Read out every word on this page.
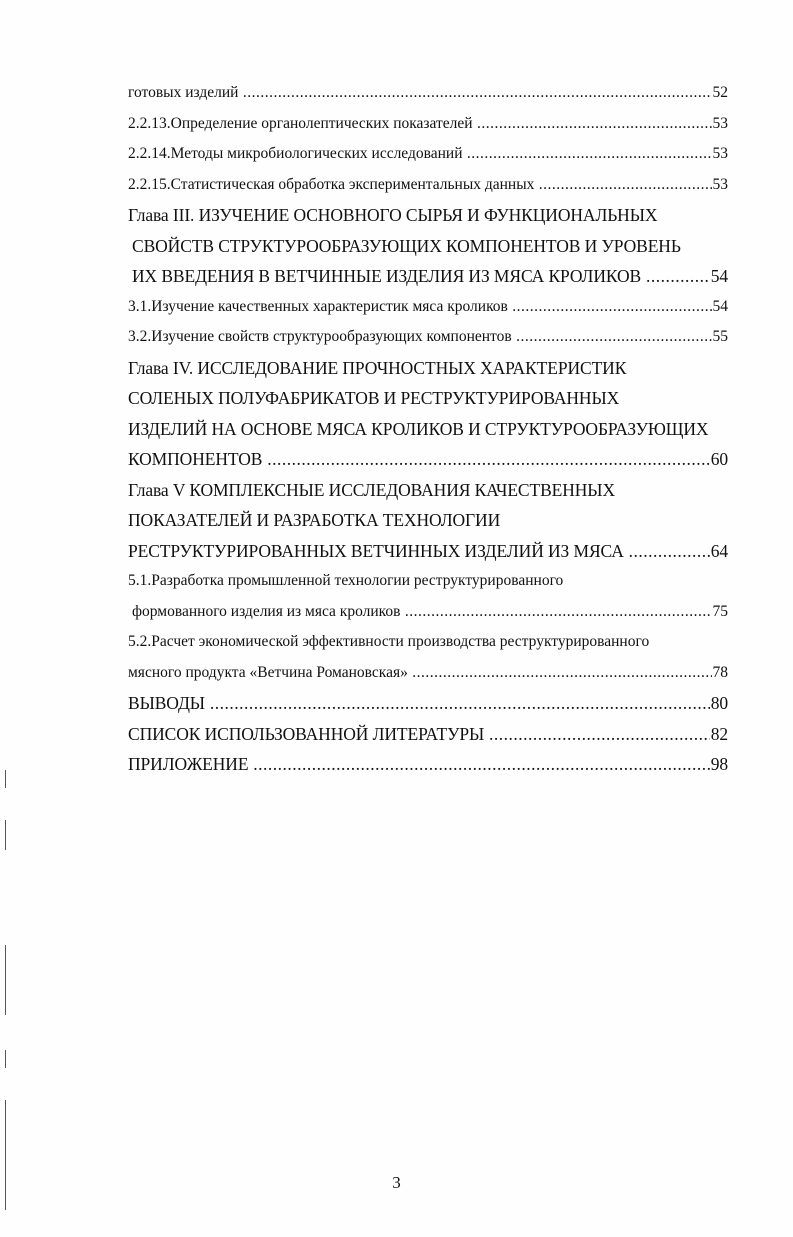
готовых изделий .....	52
2.2.13.Определение органолептических показателей .....	53
2.2.14.Методы микробиологических исследований .....	53
2.2.15.Статистическая обработка экспериментальных данных .....	53
Глава III. ИЗУЧЕНИЕ ОСНОВНОГО СЫРЬЯ И ФУНКЦИОНАЛЬНЫХ
СВОЙСТВ СТРУКТУРООБРАЗУЮЩИХ КОМПОНЕНТОВ И УРОВЕНЬ
ИХ ВВЕДЕНИЯ В ВЕТЧИННЫЕ ИЗДЕЛИЯ ИЗ МЯСА КРОЛИКОВ .....	54
3.1.Изучение качественных характеристик мяса кроликов .....	54
3.2.Изучение свойств структурообразующих компонентов .....	55
Глава IV. ИССЛЕДОВАНИЕ ПРОЧНОСТНЫХ ХАРАКТЕРИСТИК
СОЛЕНЫХ ПОЛУФАБРИКАТОВ И РЕСТРУКТУРИРОВАННЫХ
ИЗДЕЛИЙ НА ОСНОВЕ МЯСА КРОЛИКОВ И СТРУКТУРООБРАЗУЮЩИХ
КОМПОНЕНТОВ .....	60
Глава V КОМПЛЕКСНЫЕ ИССЛЕДОВАНИЯ КАЧЕСТВЕННЫХ
ПОКАЗАТЕЛЕЙ И РАЗРАБОТКА ТЕХНОЛОГИИ
РЕСТРУКТУРИРОВАННЫХ ВЕТЧИННЫХ ИЗДЕЛИЙ ИЗ МЯСА .....	64
5.1.Разработка промышленной технологии реструктурированного
формованного изделия из мяса кроликов .....	75
5.2.Расчет экономической эффективности производства реструктурированного
мясного продукта «Ветчина Романовская» .....	78
ВЫВОДЫ .....	80
СПИСОК ИСПОЛЬЗОВАННОЙ ЛИТЕРАТУРЫ .....	82
ПРИЛОЖЕНИЕ .....	98
3
